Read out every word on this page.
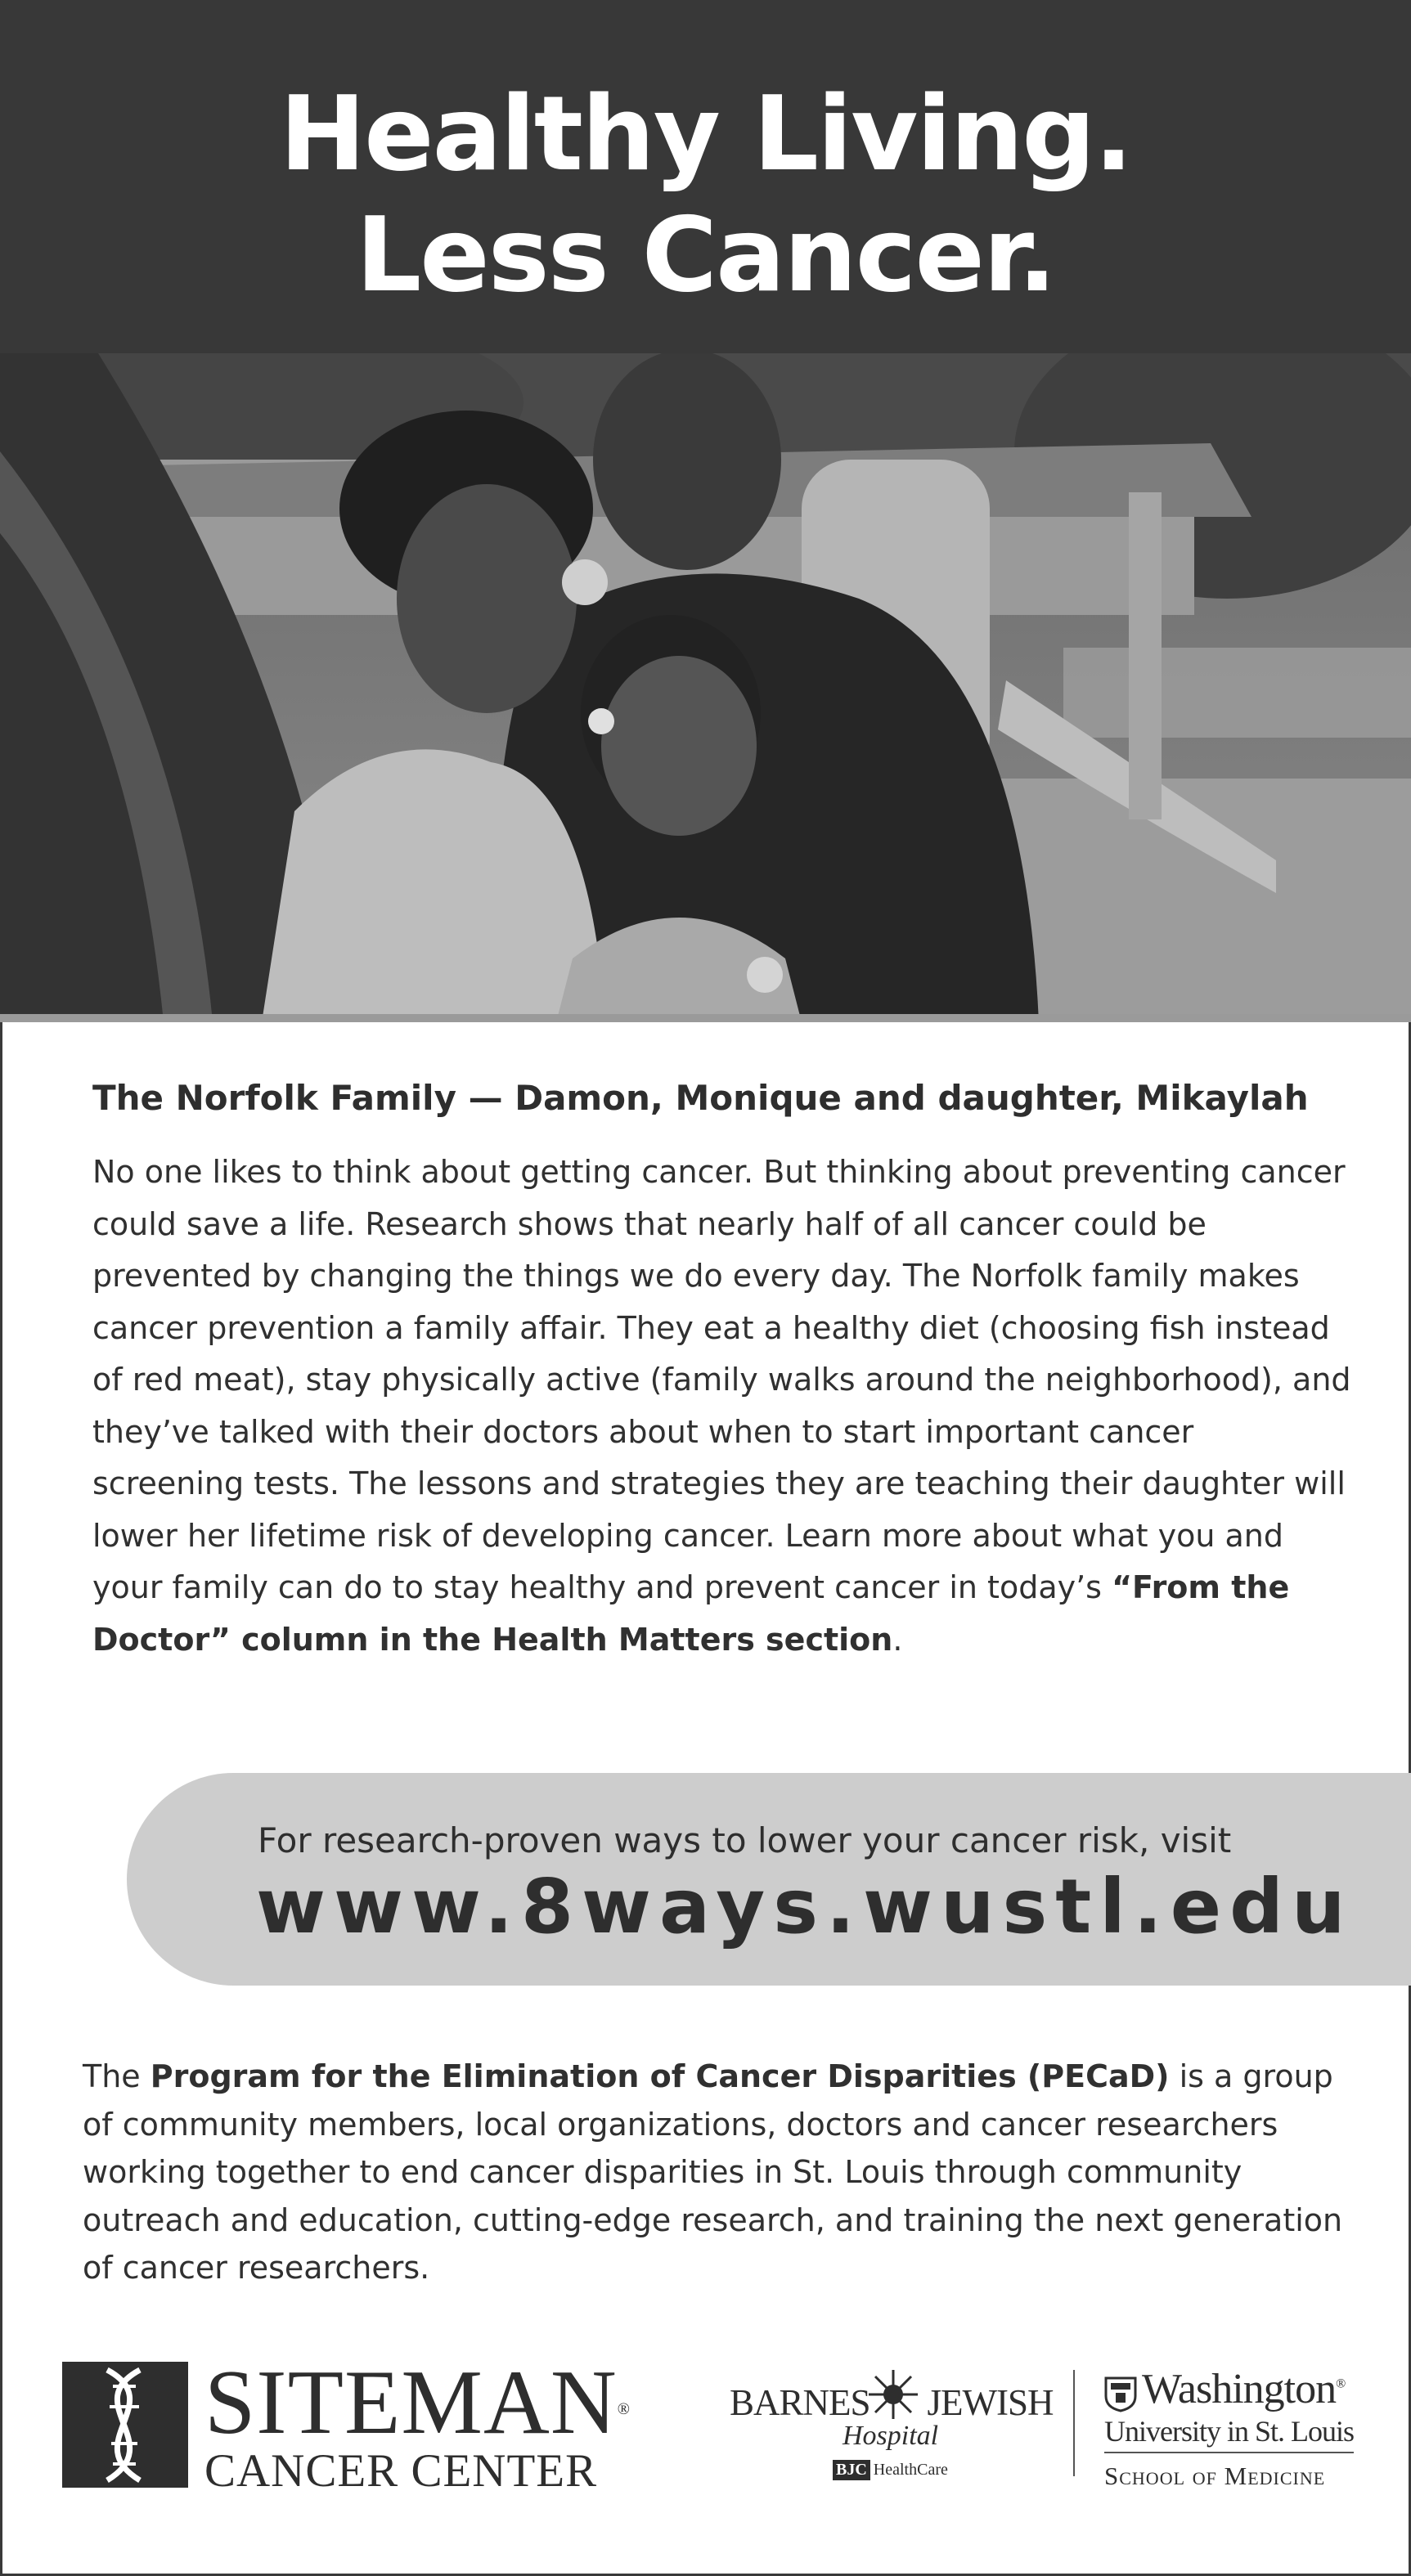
Healthy Living.
Less Cancer.
The Norfolk Family — Damon, Monique and daughter, Mikaylah
No one likes to think about getting cancer. But thinking about preventing cancer could save a life. Research shows that nearly half of all cancer could be prevented by changing the things we do every day. The Norfolk family makes cancer prevention a family affair. They eat a healthy diet (choosing fish instead of red meat), stay physically active (family walks around the neighborhood), and they’ve talked with their doctors about when to start important cancer screening tests. The lessons and strategies they are teaching their daughter will lower her lifetime risk of developing cancer. Learn more about what you and your family can do to stay healthy and prevent cancer in today’s “From the Doctor” column in the Health Matters section.
For research-proven ways to lower your cancer risk, visit
www.8ways.wustl.edu
The Program for the Elimination of Cancer Disparities (PECaD) is a group of community members, local organizations, doctors and cancer researchers working together to end cancer disparities in St. Louis through community outreach and education, cutting-edge research, and training the next generation of cancer researchers.
SITEMAN®
CANCER CENTER
BARNES JEWISH
Hospital
BJC HealthCare
Washington®
University in St. Louis
School of Medicine
